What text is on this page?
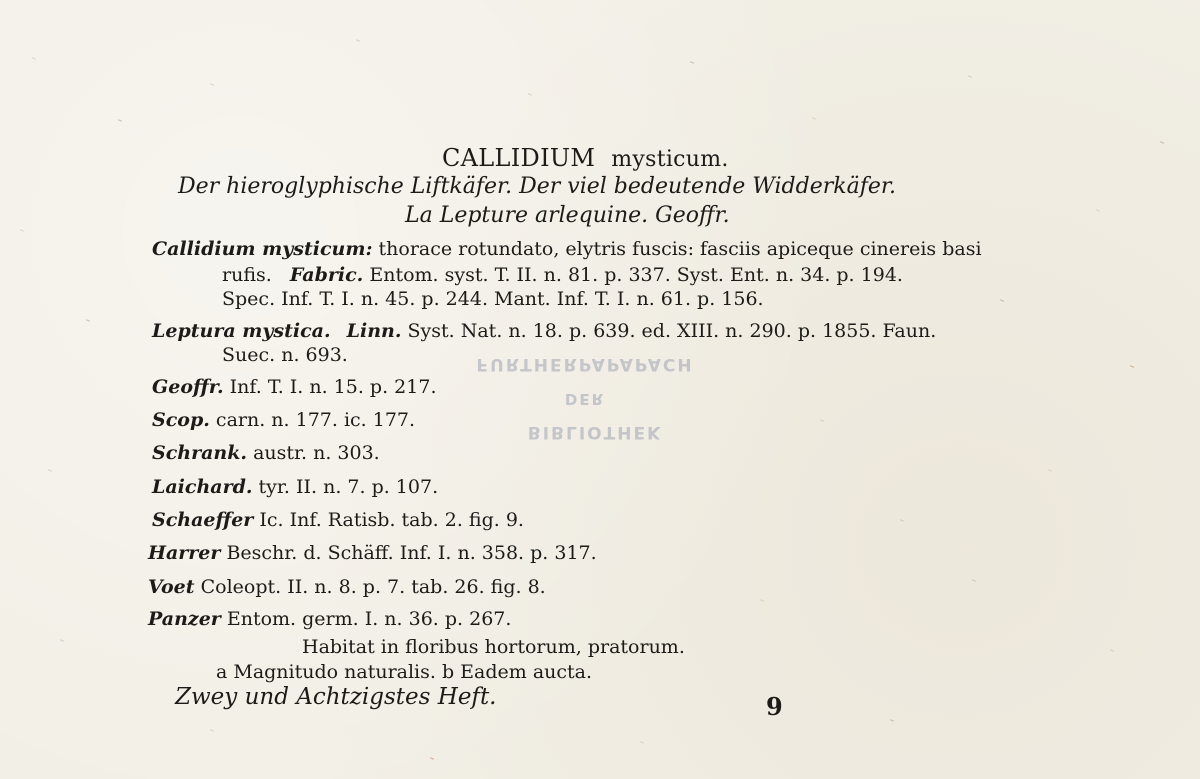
FURTHERPAPAPACH
DER
BIBLIOTHEK
CALLIDIUM mysticum.
Der hieroglyphische Liftkäfer. Der viel bedeutende Widderkäfer.
La Lepture arlequine. Geoffr.
Callidium mysticum: thorace rotundato, elytris fuscis: fasciis apiceque cinereis basi
rufis. Fabric. Entom. syst. T. II. n. 81. p. 337. Syst. Ent. n. 34. p. 194.
Spec. Inf. T. I. n. 45. p. 244. Mant. Inf. T. I. n. 61. p. 156.
Leptura mystica. Linn. Syst. Nat. n. 18. p. 639. ed. XIII. n. 290. p. 1855. Faun.
Suec. n. 693.
Geoffr. Inf. T. I. n. 15. p. 217.
Scop. carn. n. 177. ic. 177.
Schrank. austr. n. 303.
Laichard. tyr. II. n. 7. p. 107.
Schaeffer Ic. Inf. Ratisb. tab. 2. fig. 9.
Harrer Beschr. d. Schäff. Inf. I. n. 358. p. 317.
Voet Coleopt. II. n. 8. p. 7. tab. 26. fig. 8.
Panzer Entom. germ. I. n. 36. p. 267.
Habitat in floribus hortorum, pratorum.
a Magnitudo naturalis. b Eadem aucta.
Zwey und Achtzigstes Heft.	9
